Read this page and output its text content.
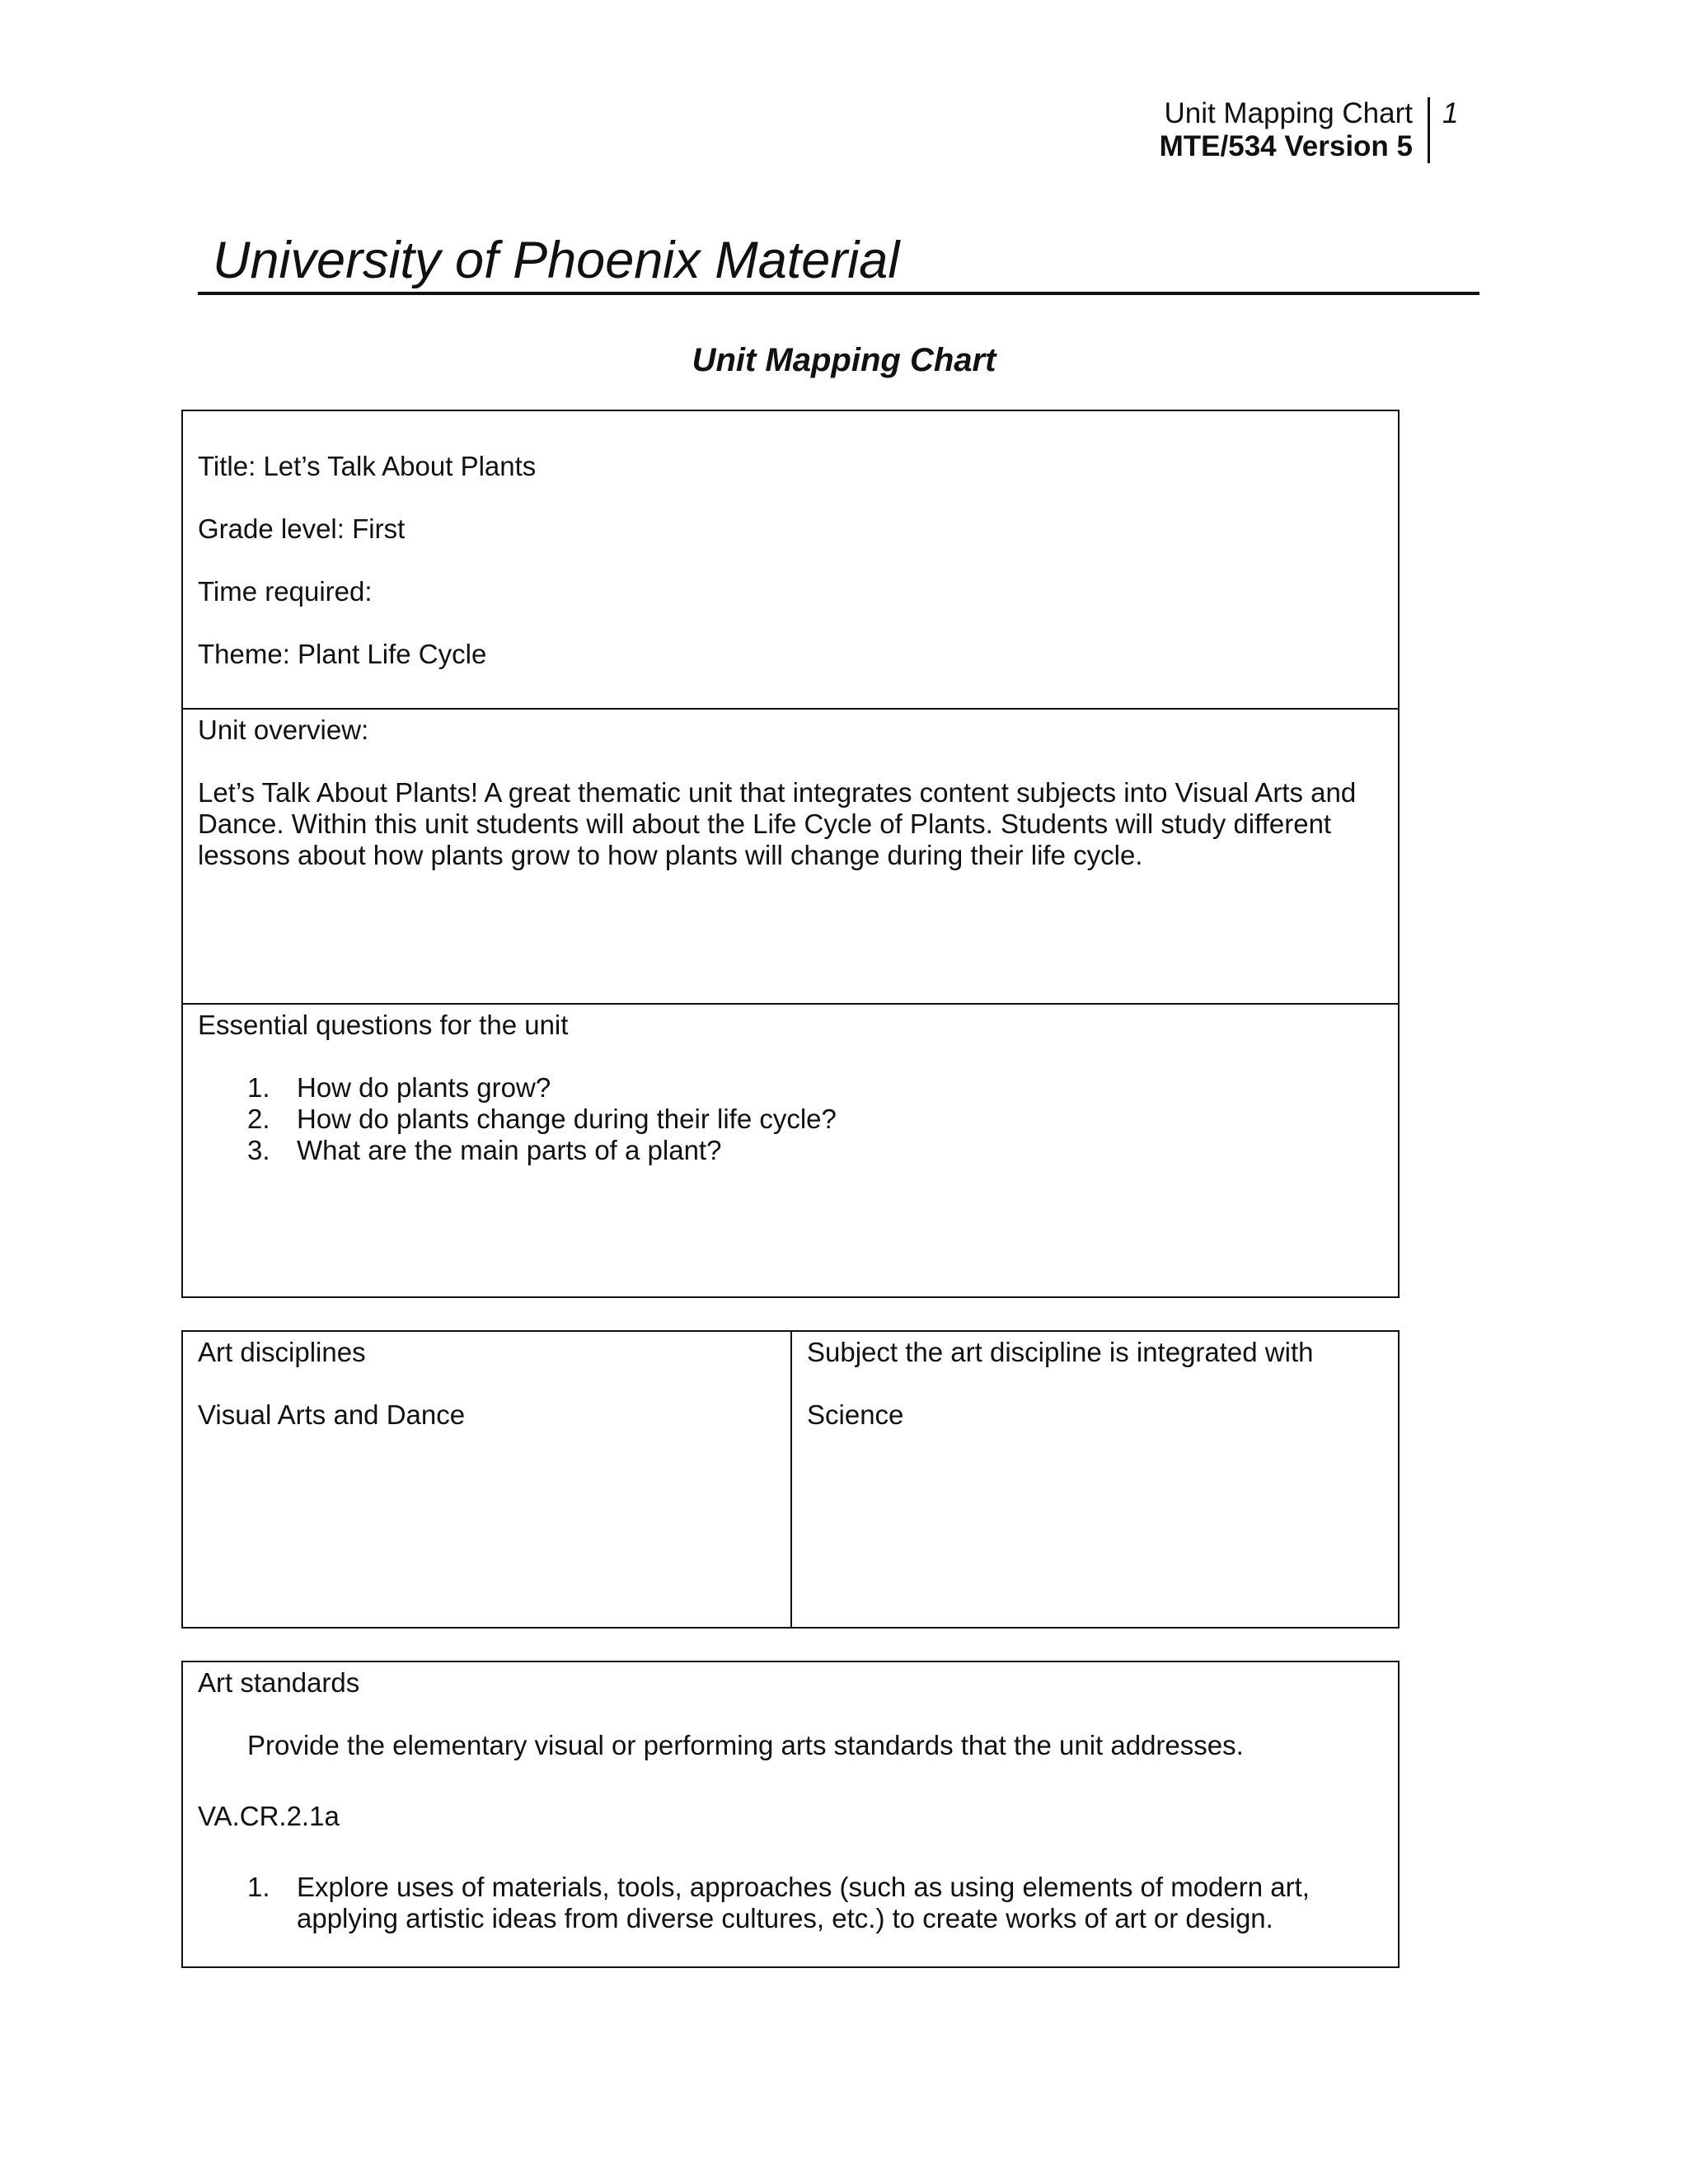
Unit Mapping Chart
MTE/534 Version 5
1
University of Phoenix Material
Unit Mapping Chart

Title: Let’s Talk About Plants

Grade level: First

Time required:

Theme: Plant Life Cycle

Unit overview:

Let’s Talk About Plants! A great thematic unit that integrates content subjects into Visual Arts and

Dance. Within this unit students will about the Life Cycle of Plants. Students will study different

lessons about how plants grow to how plants will change during their life cycle.

Essential questions for the unit

1. How do plants grow?
2. How do plants change during their life cycle?
3. What are the main parts of a plant?

Art disciplines

Visual Arts and Dance

Subject the art discipline is integrated with

Science

Art standards

Provide the elementary visual or performing arts standards that the unit addresses.

VA.CR.2.1a

1. Explore uses of materials, tools, approaches (such as using elements of modern art,
applying artistic ideas from diverse cultures, etc.) to create works of art or design.
